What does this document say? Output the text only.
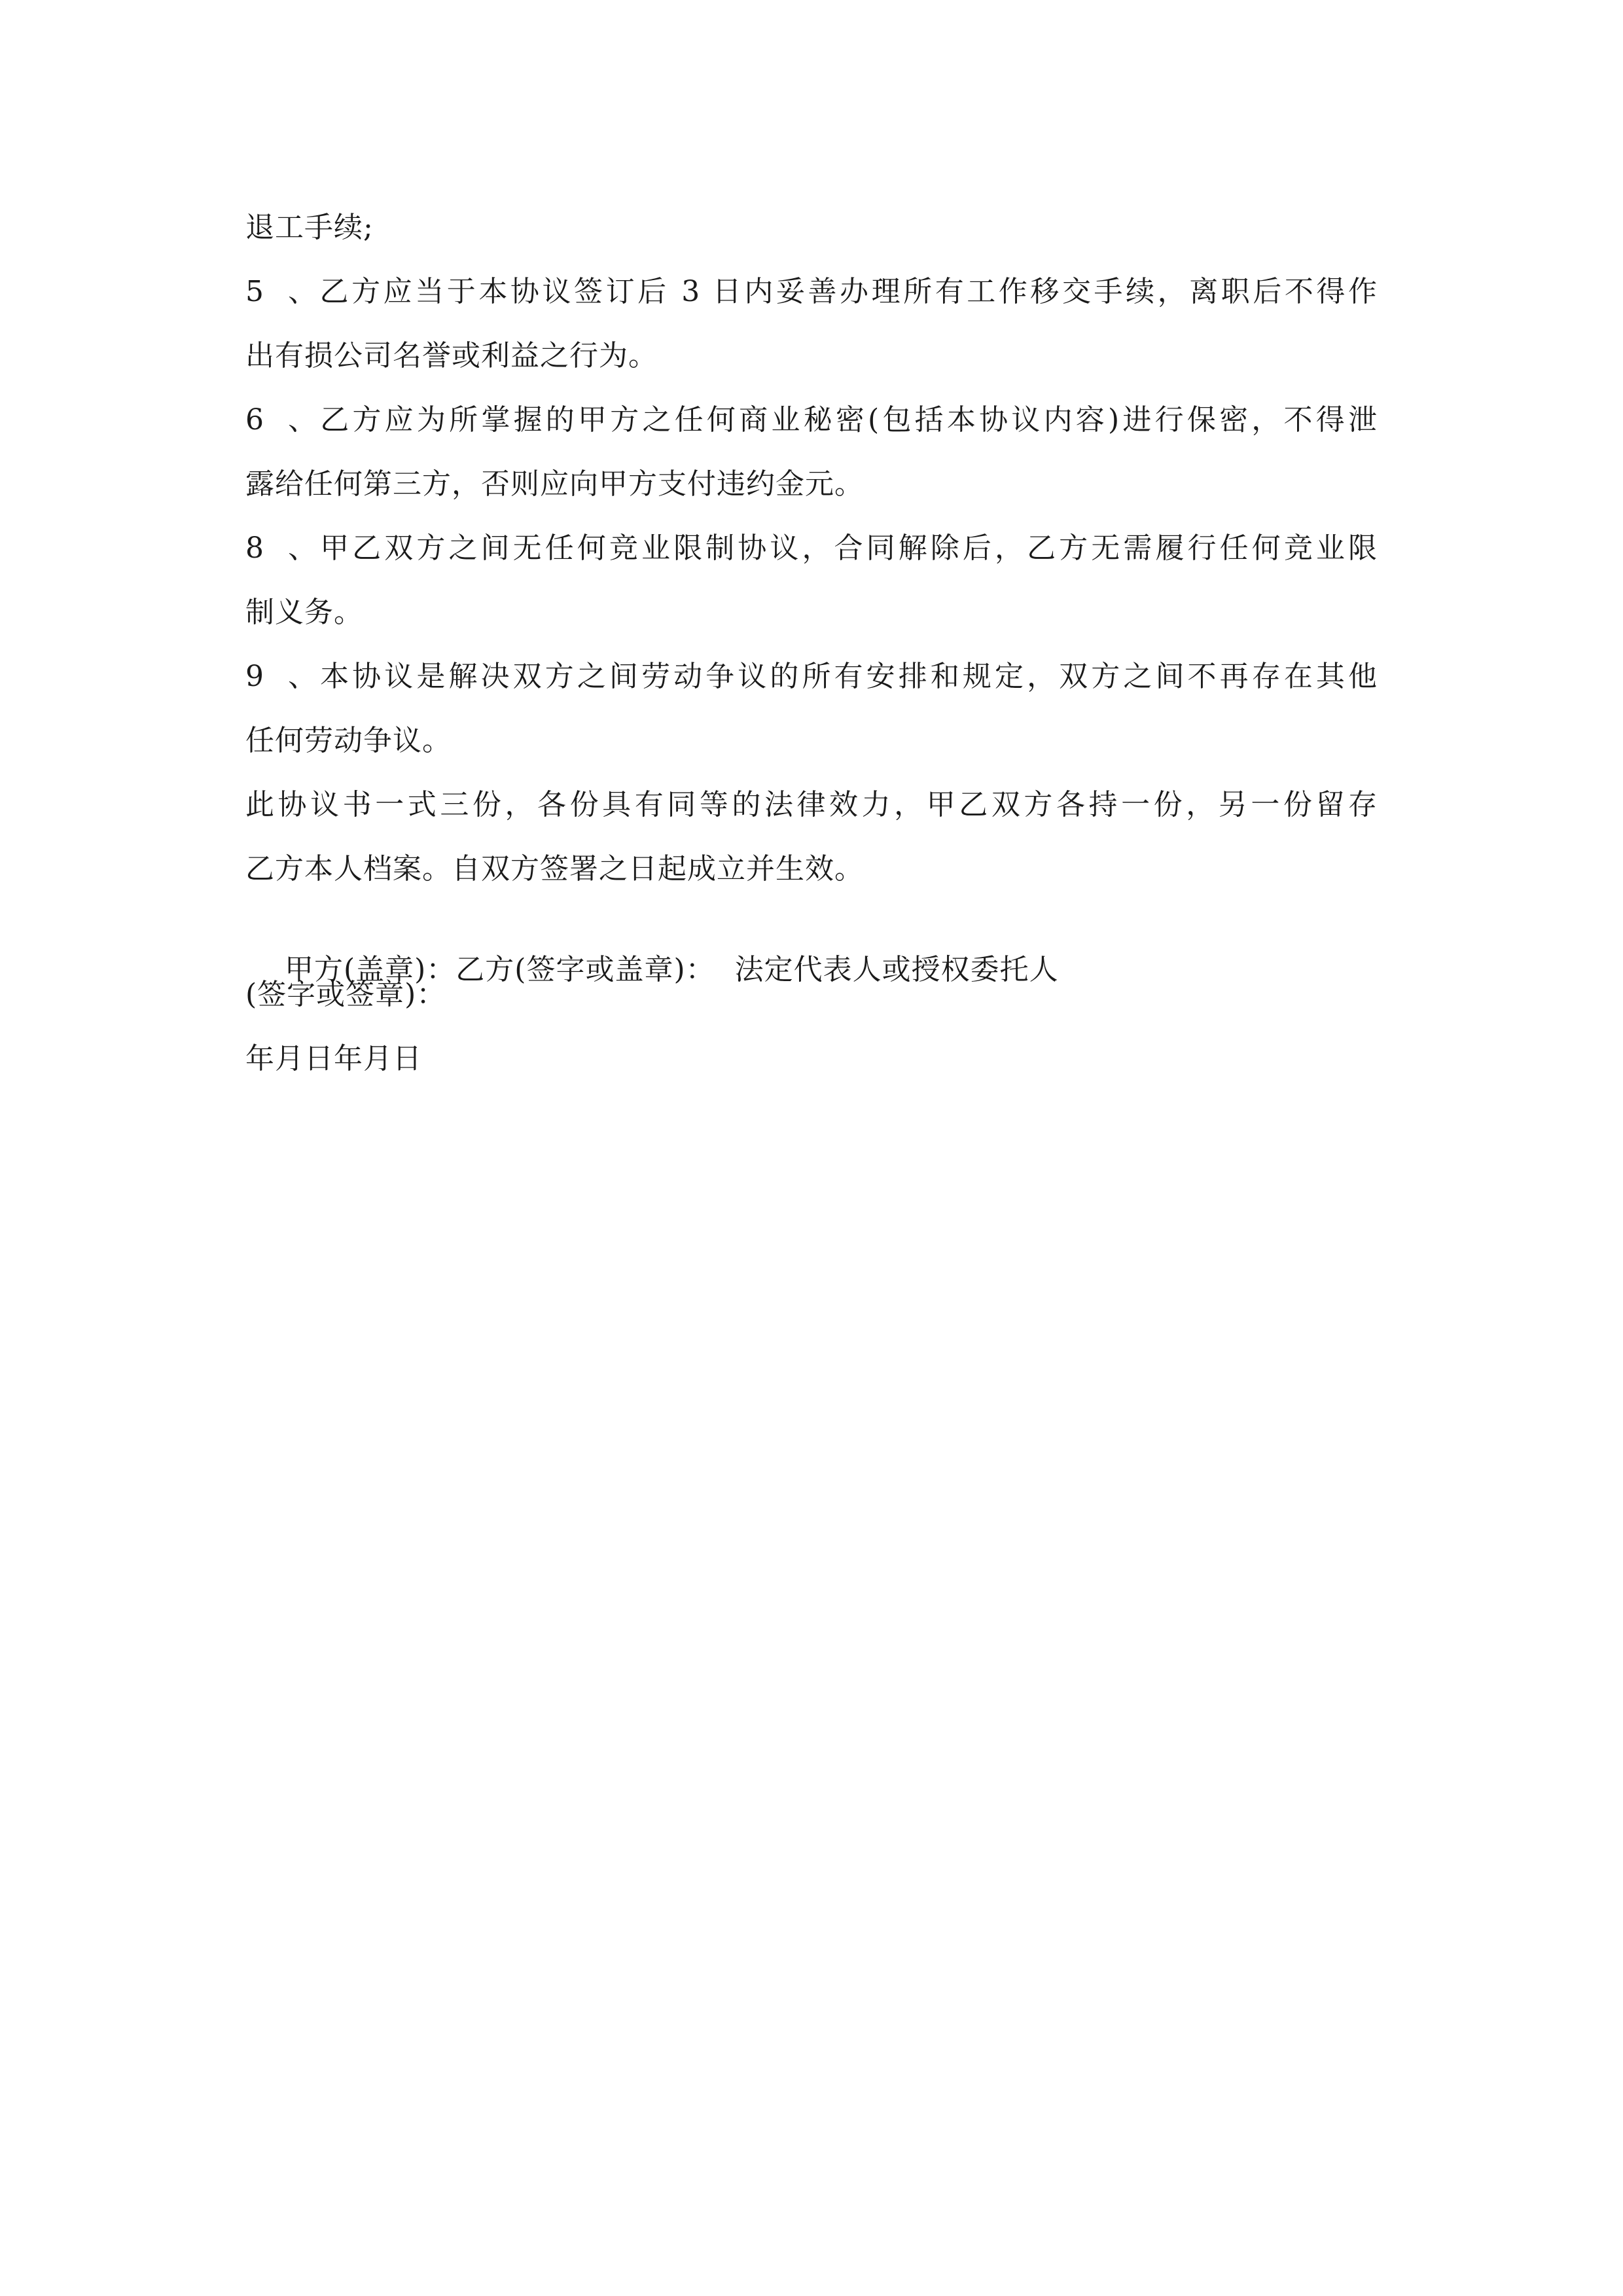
退工手续;
5、乙方应当于本协议签订后 3 日内妥善办理所有工作移交手续，离职后不得作
出有损公司名誉或利益之行为。
6、乙方应为所掌握的甲方之任何商业秘密(包括本协议内容)进行保密，不得泄
露给任何第三方，否则应向甲方支付违约金元。
8、甲乙双方之间无任何竞业限制协议，合同解除后，乙方无需履行任何竞业限
制义务。
9、本协议是解决双方之间劳动争议的所有安排和规定，双方之间不再存在其他
任何劳动争议。
此协议书一式三份，各份具有同等的法律效力，甲乙双方各持一份，另一份留存
乙方本人档案。自双方签署之日起成立并生效。

甲方(盖章)：乙方(签字或盖章)：  法定代表人或授权委托人

(签字或签章)：
年月日年月日
